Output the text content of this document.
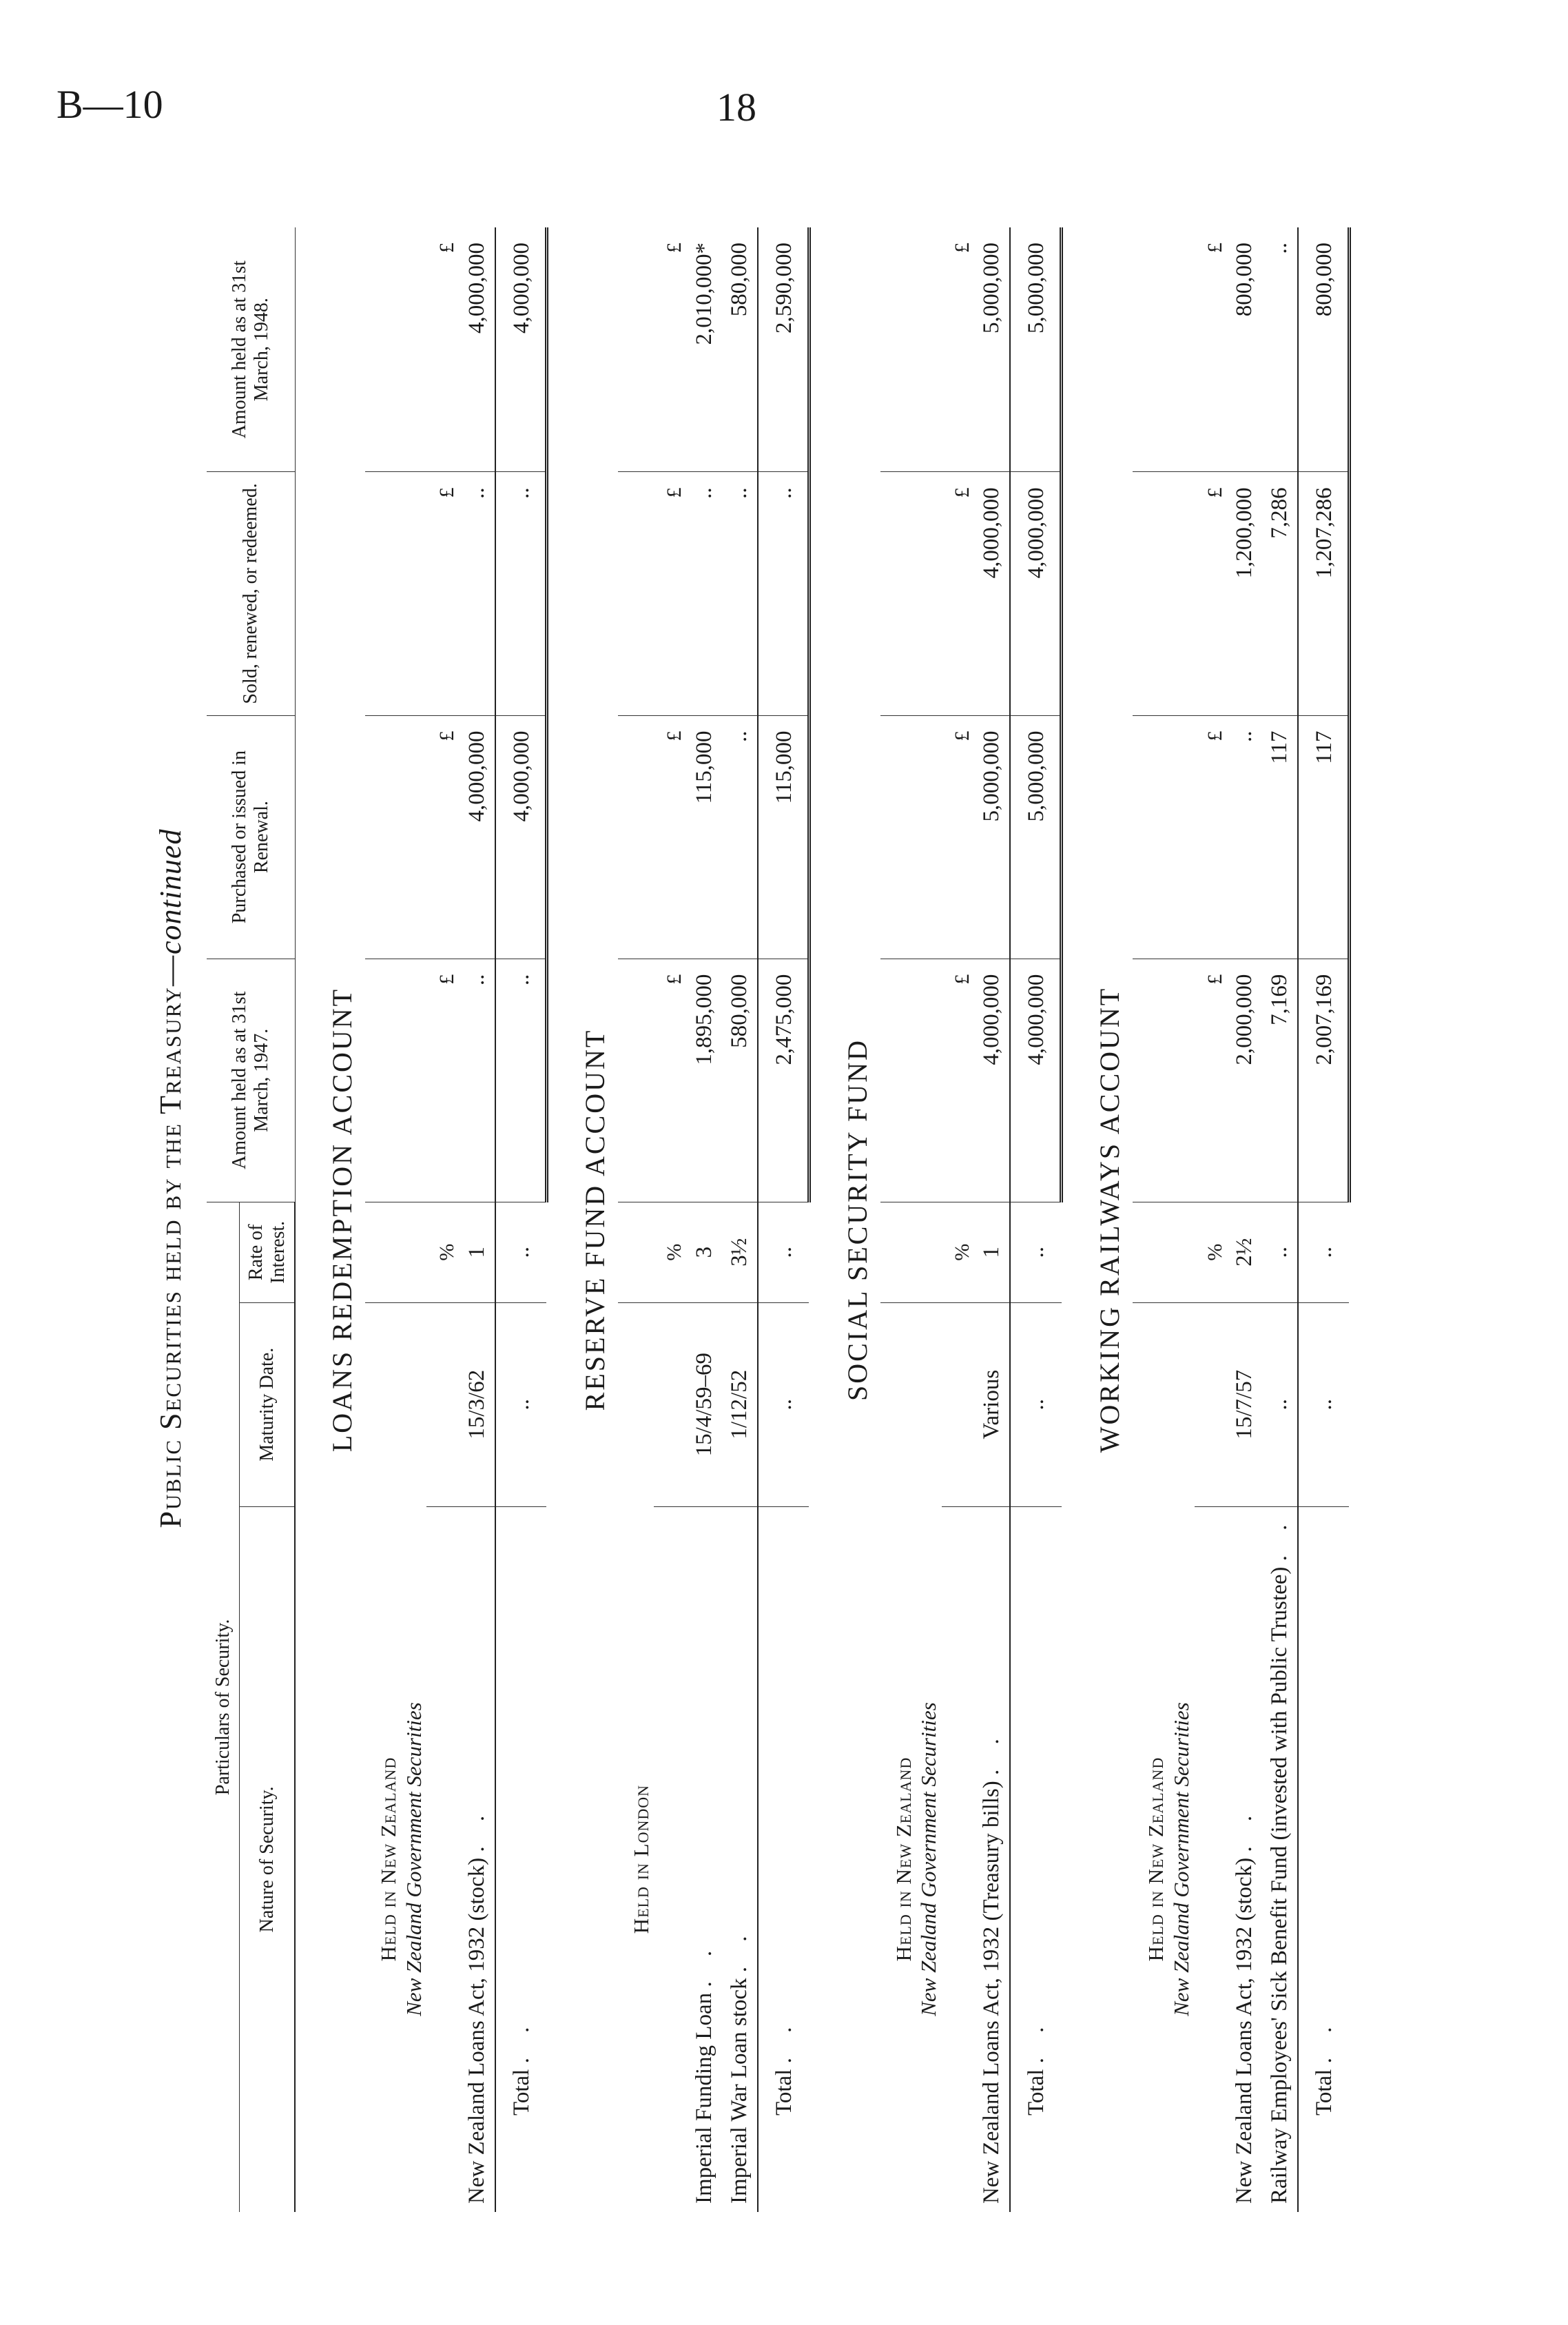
B—10	18
Public Securities held by the Treasury—continued
Particulars of Security.			Amount held as at 31st March, 1947.	Purchased or issued in Renewal.	Sold, renewed, or redeemed.	Amount held as at 31st March, 1948.
Nature of Security.	Maturity Date.	Rate of Interest.				
LOANS REDEMPTION ACCOUNT						
Held in New Zealand New Zealand Government Securities						

		%	£	£	£	£
New Zealand Loans Act, 1932 (stock) . .	15/3/62	1	..	4,000,000	..	4,000,000
Total . .	..	..	..	4,000,000	..	4,000,000
RESERVE FUND ACCOUNT						
Held in London						
		%	£	£	£	£
Imperial Funding Loan . .	15/4/59–69	3	1,895,000	115,000	..	2,010,000*
Imperial War Loan stock . .	1/12/52	3½	580,000	..	..	580,000
Total . .	..	..	2,475,000	115,000	..	2,590,000
SOCIAL SECURITY FUND						
Held in New Zealand New Zealand Government Securities						

		%	£	£	£	£
New Zealand Loans Act, 1932 (Treasury bills) . .	Various	1	4,000,000	5,000,000	4,000,000	5,000,000
Total . .	..	..	4,000,000	5,000,000	4,000,000	5,000,000
WORKING RAILWAYS ACCOUNT						
Held in New Zealand New Zealand Government Securities						

		%	£	£	£	£
New Zealand Loans Act, 1932 (stock) . .	15/7/57	2½	2,000,000	..	1,200,000	800,000
Railway Employees' Sick Benefit Fund (invested with Public Trustee) . .	..	..	7,169	117	7,286	..
Total . .	..	..	2,007,169	117	1,207,286	800,000
